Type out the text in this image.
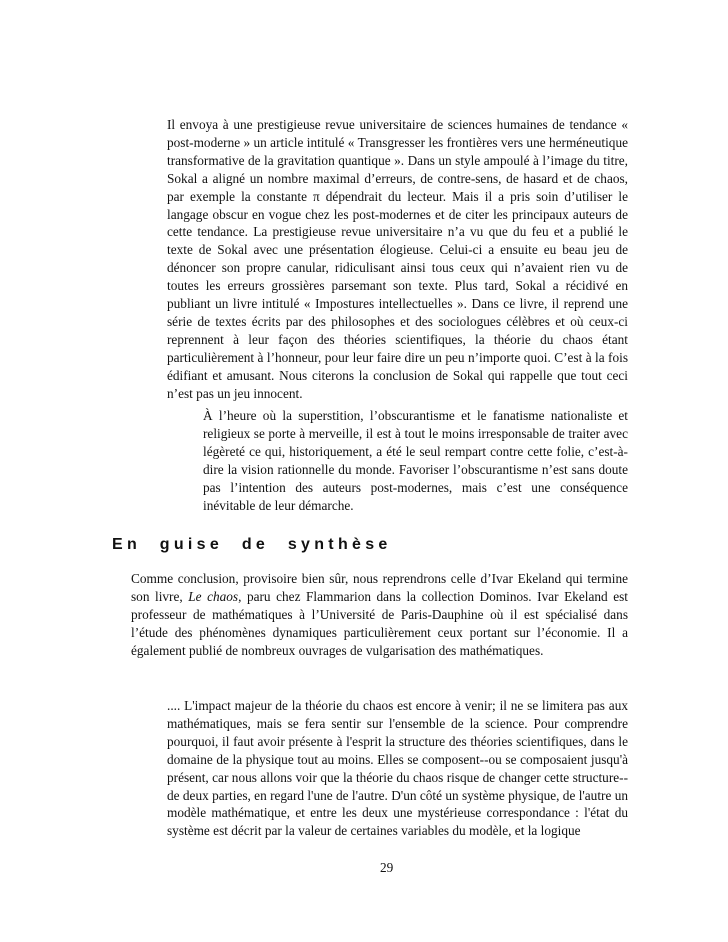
Il envoya à une prestigieuse revue universitaire de sciences humaines de tendance « post-moderne » un article intitulé « Transgresser les frontières vers une herméneutique transformative de la gravitation quantique ». Dans un style ampoulé à l’image du titre, Sokal a aligné un nombre maximal d’erreurs, de contre-sens, de hasard et de chaos, par exemple la constante π dépendrait du lecteur. Mais il a pris soin d’utiliser le langage obscur en vogue chez les post-modernes et de citer les principaux auteurs de cette tendance. La prestigieuse revue universitaire n’a vu que du feu et a publié le texte de Sokal avec une présentation élogieuse. Celui-ci a ensuite eu beau jeu de dénoncer son propre canular, ridiculisant ainsi tous ceux qui n’avaient rien vu de toutes les erreurs grossières parsemant son texte. Plus tard, Sokal a récidivé en publiant un livre intitulé « Impostures intellectuelles ». Dans ce livre, il reprend une série de textes écrits par des philosophes et des sociologues célèbres et où ceux-ci reprennent à leur façon des théories scientifiques, la théorie du chaos étant particulièrement à l’honneur, pour leur faire dire un peu n’importe quoi. C’est à la fois édifiant et amusant. Nous citerons la conclusion de Sokal qui rappelle que tout ceci n’est pas un jeu innocent.

À l’heure où la superstition, l’obscurantisme et le fanatisme nationaliste et religieux se porte à merveille, il est à tout le moins irresponsable de traiter avec légèreté ce qui, historiquement, a été le seul rempart contre cette folie, c’est-à-dire la vision rationnelle du monde. Favoriser l’obscurantisme n’est sans doute pas l’intention des auteurs post-modernes, mais c’est une conséquence inévitable de leur démarche.

En guise de synthèse

Comme conclusion, provisoire bien sûr, nous reprendrons celle d’Ivar Ekeland qui termine son livre, Le chaos, paru chez Flammarion dans la collection Dominos. Ivar Ekeland est professeur de mathématiques à l’Université de Paris-Dauphine où il est spécialisé dans l’étude des phénomènes dynamiques particulièrement ceux portant sur l’économie. Il a également publié de nombreux ouvrages de vulgarisation des mathématiques.

.... L'impact majeur de la théorie du chaos est encore à venir; il ne se limitera pas aux mathématiques, mais se fera sentir sur l'ensemble de la science. Pour comprendre pourquoi, il faut avoir présente à l'esprit la structure des théories scientifiques, dans le domaine de la physique tout au moins. Elles se composent--ou se composaient jusqu'à présent, car nous allons voir que la théorie du chaos risque de changer cette structure-- de deux parties, en regard l'une de l'autre. D'un côté un système physique, de l'autre un modèle mathématique, et entre les deux une mystérieuse correspondance : l'état du système est décrit par la valeur de certaines variables du modèle, et la logique

29
